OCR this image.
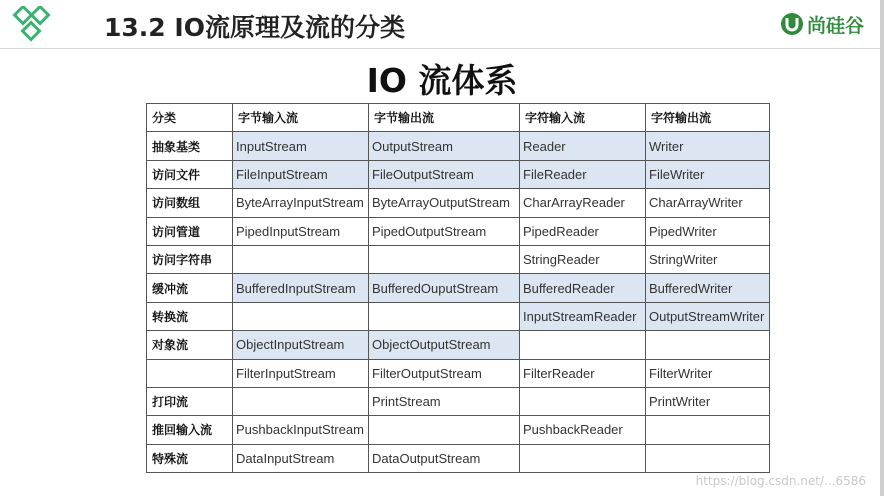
13.2 IO流原理及流的分类	尚硅谷
IO 流体系
分类	字节输入流	字节输出流	字符输入流	字符输出流
抽象基类	InputStream	OutputStream	Reader	Writer
访问文件	FileInputStream	FileOutputStream	FileReader	FileWriter
访问数组	ByteArrayInputStream	ByteArrayOutputStream	CharArrayReader	CharArrayWriter
访问管道	PipedInputStream	PipedOutputStream	PipedReader	PipedWriter
访问字符串			StringReader	StringWriter
缓冲流	BufferedInputStream	BufferedOuputStream	BufferedReader	BufferedWriter
转换流			InputStreamReader	OutputStreamWriter
对象流	ObjectInputStream	ObjectOutputStream		
	FilterInputStream	FilterOutputStream	FilterReader	FilterWriter
打印流		PrintStream		PrintWriter
推回输入流	PushbackInputStream		PushbackReader	
特殊流	DataInputStream	DataOutputStream		
https://blog.csdn.net/...6586
